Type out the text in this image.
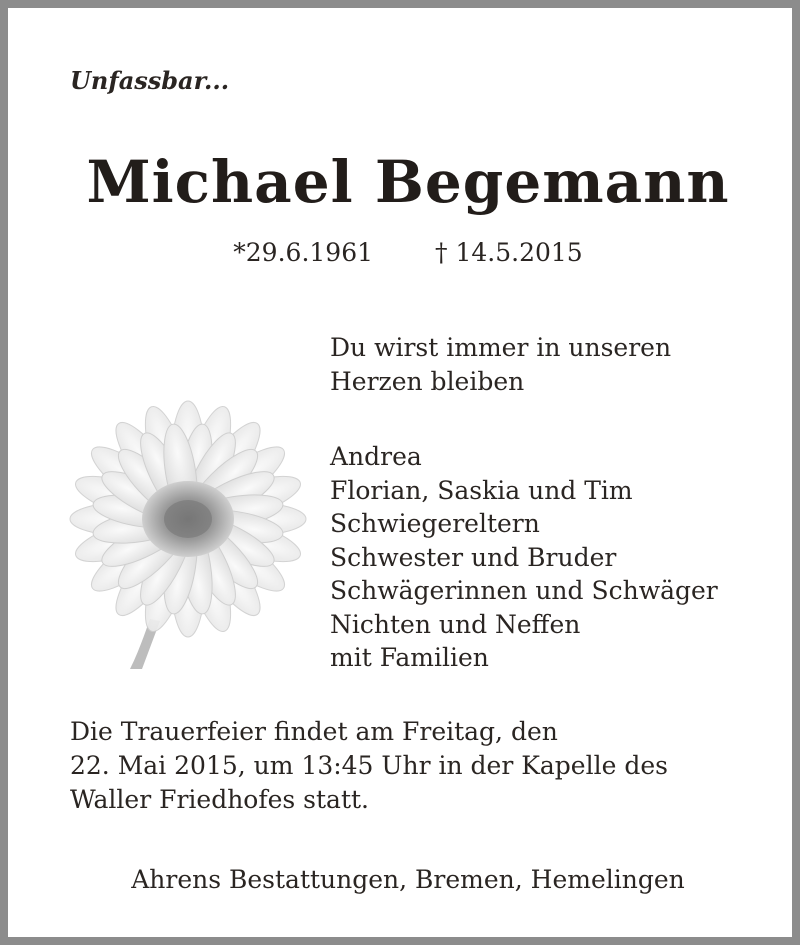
Unfassbar...
Michael Begemann
*29.6.1961 † 14.5.2015
Du wirst immer in unseren
Herzen bleiben
Andrea
Florian, Saskia und Tim
Schwiegereltern
Schwester und Bruder
Schwägerinnen und Schwäger
Nichten und Neffen
mit Familien
Die Trauerfeier findet am Freitag, den
22. Mai 2015, um 13:45 Uhr in der Kapelle des
Waller Friedhofes statt.
Ahrens Bestattungen, Bremen, Hemelingen
